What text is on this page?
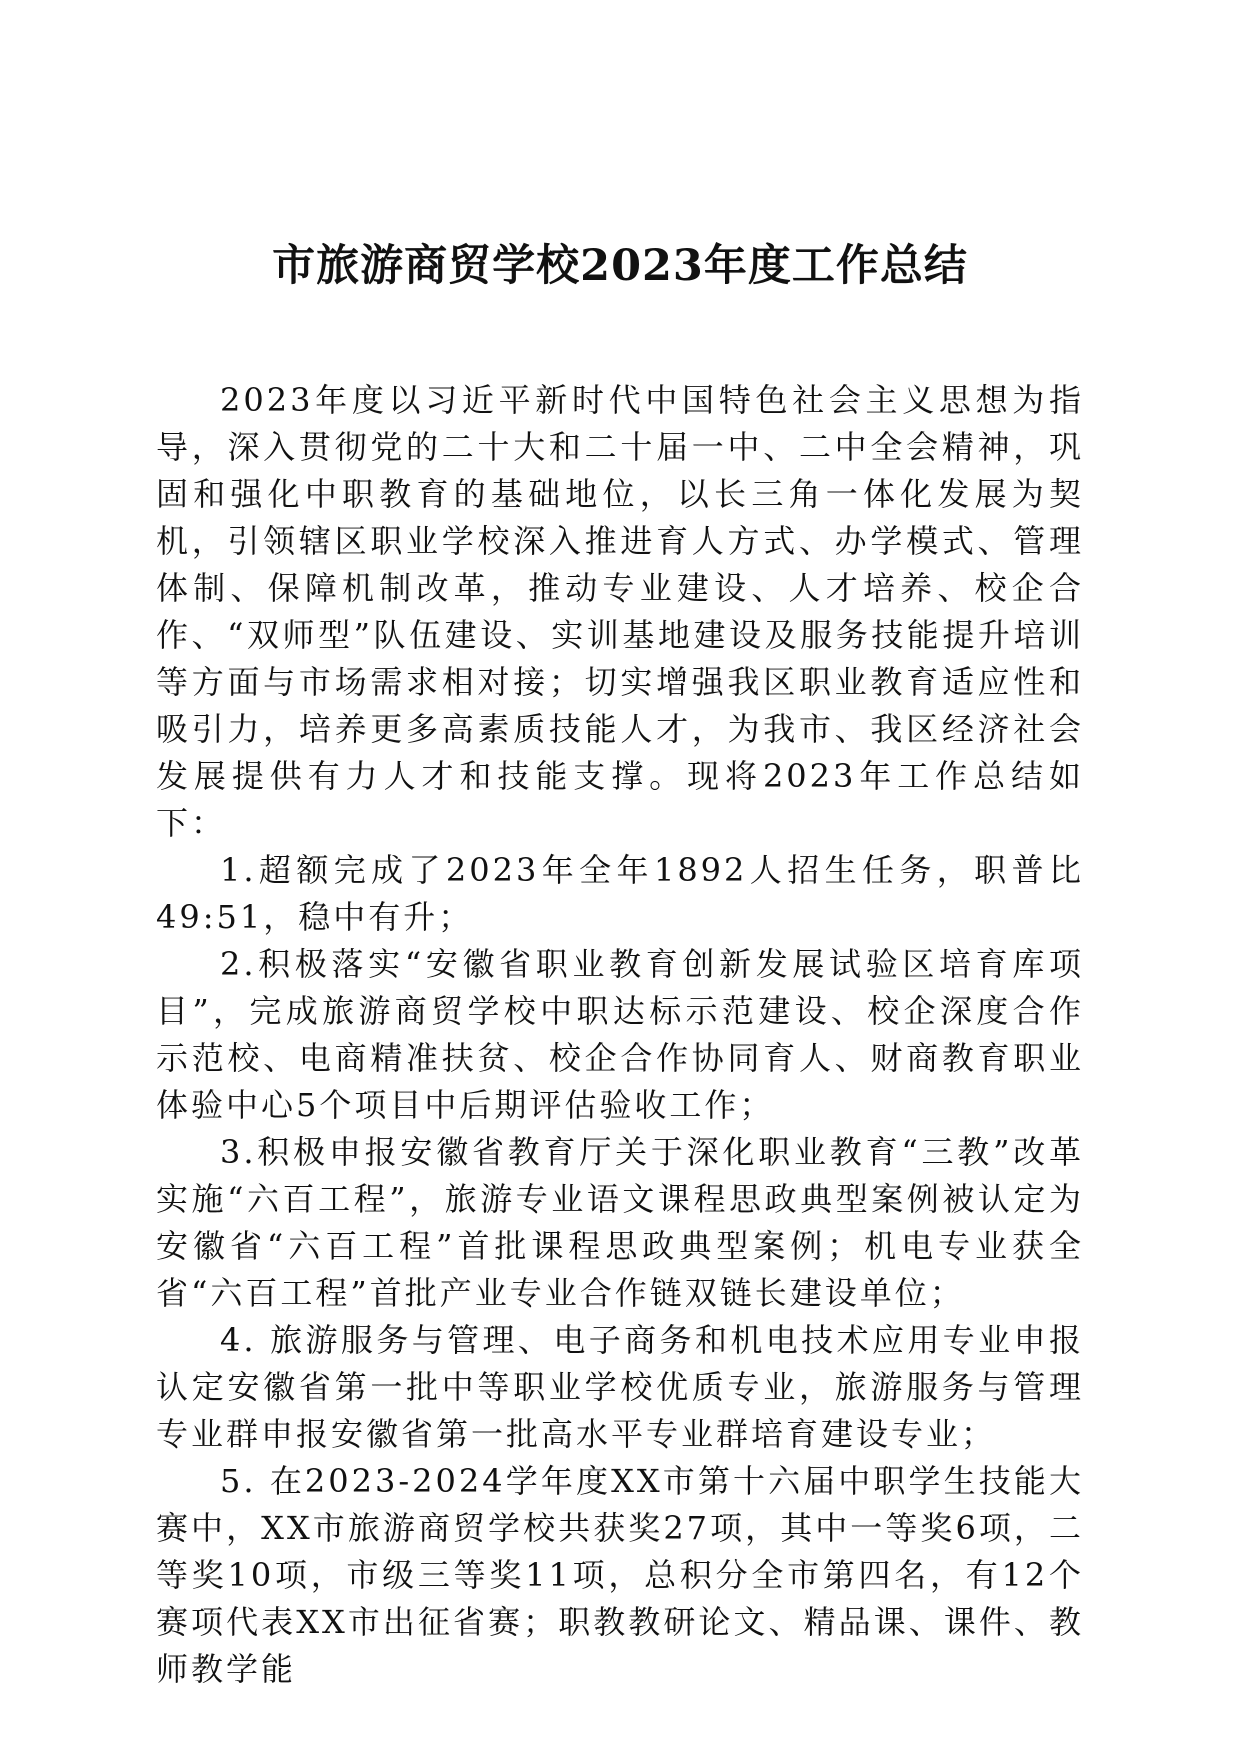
市旅游商贸学校2023年度工作总结

2023年度以习近平新时代中国特色社会主义思想为指导，深入贯彻党的二十大和二十届一中、二中全会精神，巩固和强化中职教育的基础地位，以长三角一体化发展为契机，引领辖区职业学校深入推进育人方式、办学模式、管理体制、保障机制改革，推动专业建设、人才培养、校企合作、“双师型”队伍建设、实训基地建设及服务技能提升培训等方面与市场需求相对接；切实增强我区职业教育适应性和吸引力，培养更多高素质技能人才，为我市、我区经济社会发展提供有力人才和技能支撑。现将2023年工作总结如下：

1.超额完成了2023年全年1892人招生任务，职普比49:51，稳中有升；

2.积极落实“安徽省职业教育创新发展试验区培育库项目”，完成旅游商贸学校中职达标示范建设、校企深度合作示范校、电商精准扶贫、校企合作协同育人、财商教育职业体验中心5个项目中后期评估验收工作；

3.积极申报安徽省教育厅关于深化职业教育“三教”改革实施“六百工程”，旅游专业语文课程思政典型案例被认定为安徽省“六百工程”首批课程思政典型案例；机电专业获全省“六百工程”首批产业专业合作链双链长建设单位；

4. 旅游服务与管理、电子商务和机电技术应用专业申报认定安徽省第一批中等职业学校优质专业，旅游服务与管理专业群申报安徽省第一批高水平专业群培育建设专业；

5. 在2023-2024学年度XX市第十六届中职学生技能大赛中，XX市旅游商贸学校共获奖27项，其中一等奖6项，二等奖10项，市级三等奖11项，总积分全市第四名，有12个赛项代表XX市出征省赛；职教教研论文、精品课、课件、教师教学能
